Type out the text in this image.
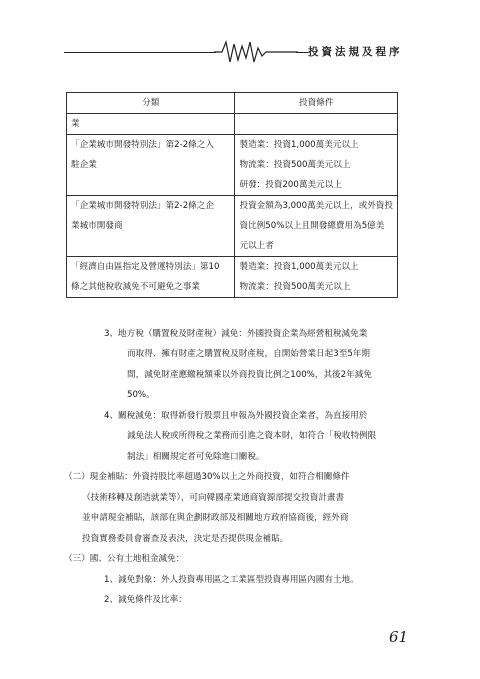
投資法規及程序
分類	投資條件

業	

「企業城市開發特別法」第2-2條之入
駐企業	製造業：投資1,000萬美元以上
物流業：投資500萬美元以上
研發：投資200萬美元以上

「企業城市開發特別法」第2-2條之企
業城市開發商	投資金額為3,000萬美元以上，或外資投
資比例50%以上且開發總費用為5億美
元以上者

「經濟自由區指定及營運特別法」第10
條之其他稅收減免不可避免之事業	製造業：投資1,000萬美元以上
物流業：投資500萬美元以上
3、地方稅（購置稅及財產稅）減免：外國投資企業為經營租稅減免業
而取得、擁有財產之購置稅及財產稅，自開始營業日起3至5年期
間，減免財產應繳稅額乘以外商投資比例之100%，其後2年減免
50%。
4、關稅減免：取得新發行股票且申報為外國投資企業者，為直接用於
減免法人稅或所得稅之業務而引進之資本財，如符合「稅收特例限
制法」相關規定者可免除進口關稅。
（二）現金補貼：外資持股比率超過30%以上之外商投資，如符合相關條件
（技術移轉及創造就業等），可向韓國產業通商資源部提交投資計畫書
並申請現金補貼，該部在與企劃財政部及相關地方政府協商後，經外商
投資實務委員會審查及表決，決定是否提供現金補貼。
（三）國、公有土地租金減免：
1、減免對象：外人投資專用區之工業區型投資專用區內國有土地。
2、減免條件及比率：
61
